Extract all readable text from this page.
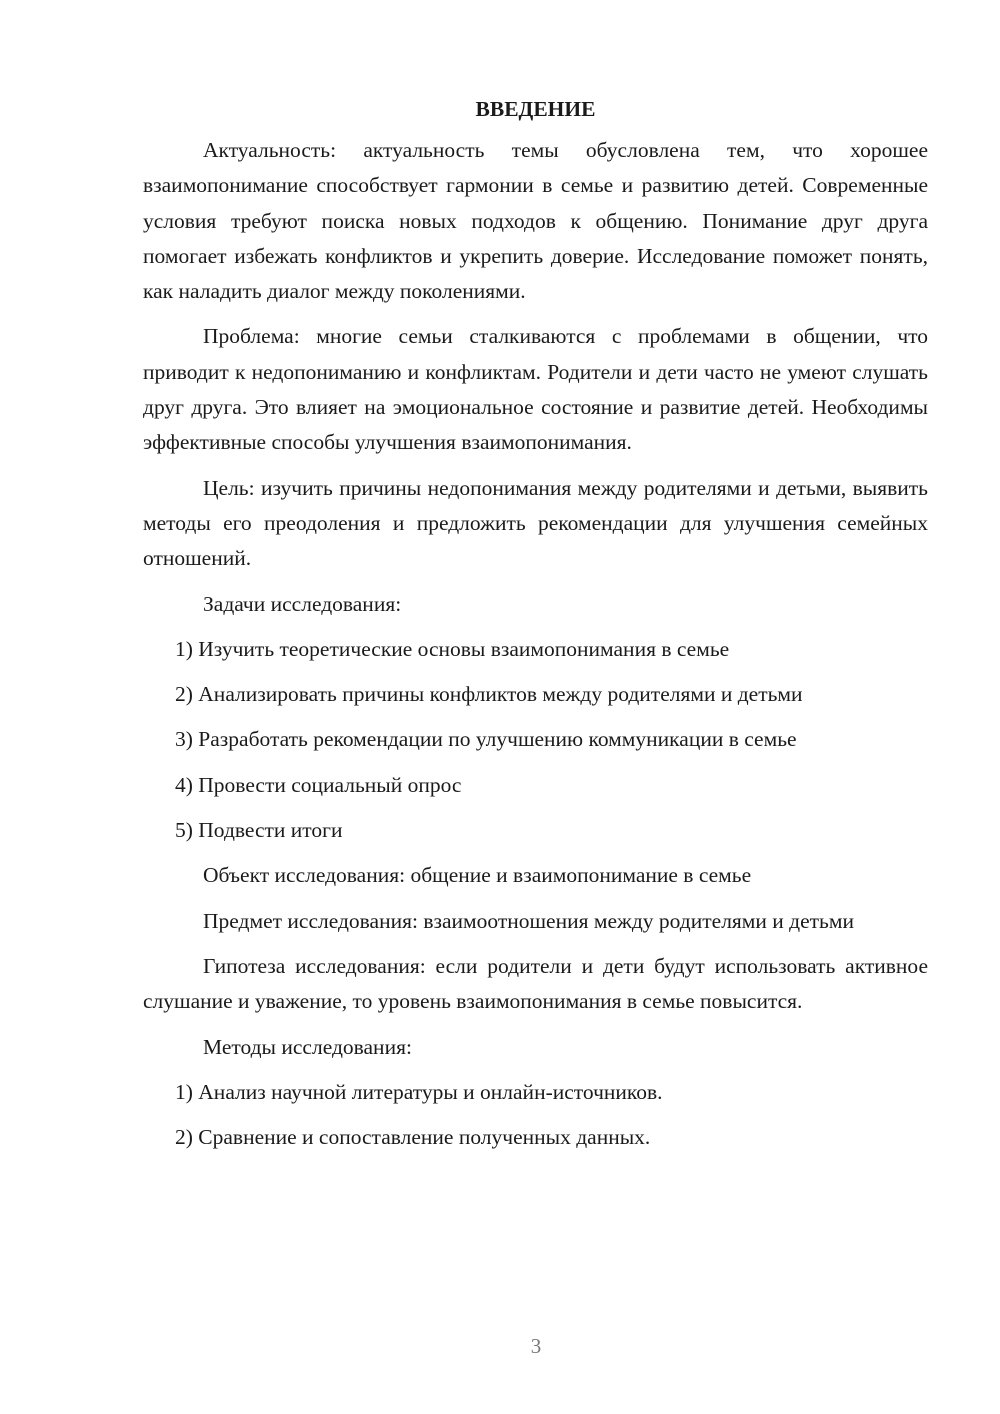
ВВЕДЕНИЕ

Актуальность: актуальность темы обусловлена тем, что хорошее взаимопонимание способствует гармонии в семье и развитию детей. Современные условия требуют поиска новых подходов к общению. Понимание друг друга помогает избежать конфликтов и укрепить доверие. Исследование поможет понять, как наладить диалог между поколениями.

Проблема: многие семьи сталкиваются с проблемами в общении, что приводит к недопониманию и конфликтам. Родители и дети часто не умеют слушать друг друга. Это влияет на эмоциональное состояние и развитие детей. Необходимы эффективные способы улучшения взаимопонимания.

Цель: изучить причины недопонимания между родителями и детьми, выявить методы его преодоления и предложить рекомендации для улучшения семейных отношений.

Задачи исследования:

1) Изучить теоретические основы взаимопонимания в семье

2) Анализировать причины конфликтов между родителями и детьми

3) Разработать рекомендации по улучшению коммуникации в семье

4) Провести социальный опрос

5) Подвести итоги

Объект исследования: общение и взаимопонимание в семье

Предмет исследования: взаимоотношения между родителями и детьми

Гипотеза исследования: если родители и дети будут использовать активное слушание и уважение, то уровень взаимопонимания в семье повысится.

Методы исследования:

1) Анализ научной литературы и онлайн-источников.

2) Сравнение и сопоставление полученных данных.

3
